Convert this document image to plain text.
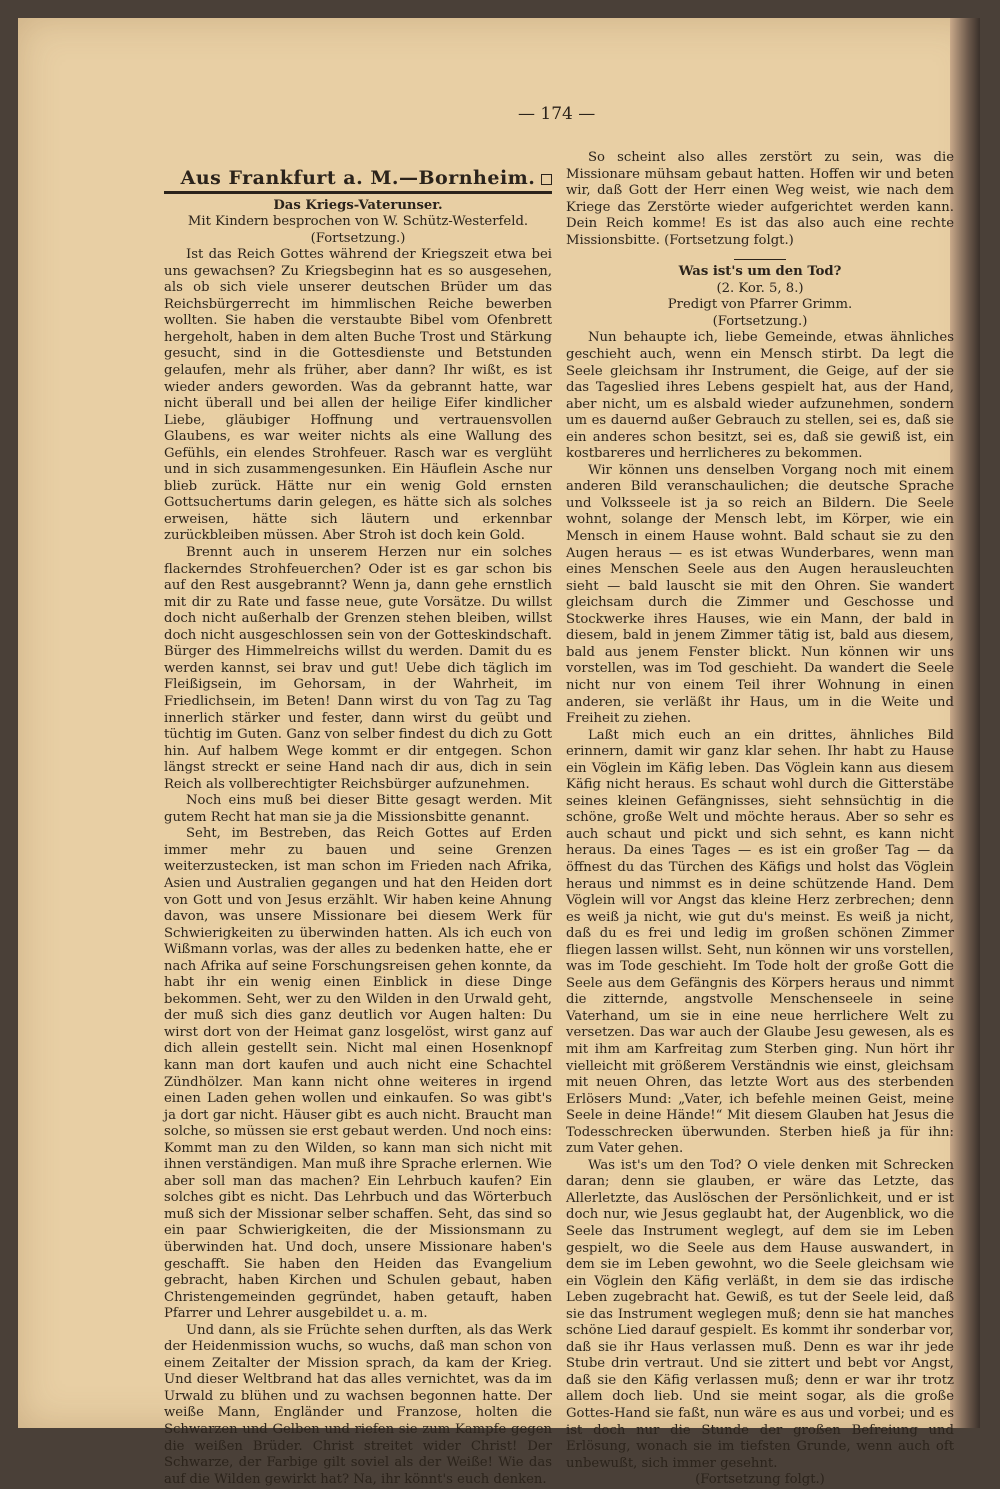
— 174 —

Aus Frankfurt a. M.—Bornheim.

Das Kriegs-Vaterunser.

Mit Kindern besprochen von W. Schütz-Westerfeld.

(Fortsetzung.)

Ist das Reich Gottes während der Kriegszeit etwa bei uns gewachsen? Zu Kriegsbeginn hat es so ausgesehen, als ob sich viele unserer deutschen Brüder um das Reichsbürgerrecht im himmlischen Reiche bewerben wollten. Sie haben die verstaubte Bibel vom Ofenbrett hergeholt, haben in dem alten Buche Trost und Stärkung gesucht, sind in die Gottesdienste und Betstunden gelaufen, mehr als früher, aber dann? Ihr wißt, es ist wieder anders geworden. Was da gebrannt hatte, war nicht überall und bei allen der heilige Eifer kindlicher Liebe, gläubiger Hoffnung und vertrauensvollen Glaubens, es war weiter nichts als eine Wallung des Gefühls, ein elendes Strohfeuer. Rasch war es verglüht und in sich zusammengesunken. Ein Häuflein Asche nur blieb zurück. Hätte nur ein wenig Gold ernsten Gottsuchertums darin gelegen, es hätte sich als solches erweisen, hätte sich läutern und erkennbar zurückbleiben müssen. Aber Stroh ist doch kein Gold.

Brennt auch in unserem Herzen nur ein solches flackerndes Strohfeuerchen? Oder ist es gar schon bis auf den Rest ausgebrannt? Wenn ja, dann gehe ernstlich mit dir zu Rate und fasse neue, gute Vorsätze. Du willst doch nicht außerhalb der Grenzen stehen bleiben, willst doch nicht ausgeschlossen sein von der Gotteskindschaft. Bürger des Himmelreichs willst du werden. Damit du es werden kannst, sei brav und gut! Uebe dich täglich im Fleißigsein, im Gehorsam, in der Wahrheit, im Friedlichsein, im Beten! Dann wirst du von Tag zu Tag innerlich stärker und fester, dann wirst du geübt und tüchtig im Guten. Ganz von selber findest du dich zu Gott hin. Auf halbem Wege kommt er dir entgegen. Schon längst streckt er seine Hand nach dir aus, dich in sein Reich als vollberechtigter Reichsbürger aufzunehmen.

Noch eins muß bei dieser Bitte gesagt werden. Mit gutem Recht hat man sie ja die Missionsbitte genannt.

Seht, im Bestreben, das Reich Gottes auf Erden immer mehr zu bauen und seine Grenzen weiterzustecken, ist man schon im Frieden nach Afrika, Asien und Australien gegangen und hat den Heiden dort von Gott und von Jesus erzählt. Wir haben keine Ahnung davon, was unsere Missionare bei diesem Werk für Schwierigkeiten zu überwinden hatten. Als ich euch von Wißmann vorlas, was der alles zu bedenken hatte, ehe er nach Afrika auf seine Forschungsreisen gehen konnte, da habt ihr ein wenig einen Einblick in diese Dinge bekommen. Seht, wer zu den Wilden in den Urwald geht, der muß sich dies ganz deutlich vor Augen halten: Du wirst dort von der Heimat ganz losgelöst, wirst ganz auf dich allein gestellt sein. Nicht mal einen Hosenknopf kann man dort kaufen und auch nicht eine Schachtel Zündhölzer. Man kann nicht ohne weiteres in irgend einen Laden gehen wollen und einkaufen. So was gibt's ja dort gar nicht. Häuser gibt es auch nicht. Braucht man solche, so müssen sie erst gebaut werden. Und noch eins: Kommt man zu den Wilden, so kann man sich nicht mit ihnen verständigen. Man muß ihre Sprache erlernen. Wie aber soll man das machen? Ein Lehrbuch kaufen? Ein solches gibt es nicht. Das Lehrbuch und das Wörterbuch muß sich der Missionar selber schaffen. Seht, das sind so ein paar Schwierigkeiten, die der Missionsmann zu überwinden hat. Und doch, unsere Missionare haben's geschafft. Sie haben den Heiden das Evangelium gebracht, haben Kirchen und Schulen gebaut, haben Christengemeinden gegründet, haben getauft, haben Pfarrer und Lehrer ausgebildet u. a. m.

Und dann, als sie Früchte sehen durften, als das Werk der Heidenmission wuchs, so wuchs, daß man schon von einem Zeitalter der Mission sprach, da kam der Krieg. Und dieser Weltbrand hat das alles vernichtet, was da im Urwald zu blühen und zu wachsen begonnen hatte. Der weiße Mann, Engländer und Franzose, holten die Schwarzen und Gelben und riefen sie zum Kampfe gegen die weißen Brüder. Christ streitet wider Christ! Der Schwarze, der Farbige gilt soviel als der Weiße! Wie das auf die Wilden gewirkt hat? Na, ihr könnt's euch denken.

So scheint also alles zerstört zu sein, was die Missionare mühsam gebaut hatten. Hoffen wir und beten wir, daß Gott der Herr einen Weg weist, wie nach dem Kriege das Zerstörte wieder aufgerichtet werden kann. Dein Reich komme! Es ist das also auch eine rechte Missionsbitte. (Fortsetzung folgt.)

Was ist's um den Tod?

(2. Kor. 5, 8.)

Predigt von Pfarrer Grimm.

(Fortsetzung.)

Nun behaupte ich, liebe Gemeinde, etwas ähnliches geschieht auch, wenn ein Mensch stirbt. Da legt die Seele gleichsam ihr Instrument, die Geige, auf der sie das Tageslied ihres Lebens gespielt hat, aus der Hand, aber nicht, um es alsbald wieder aufzunehmen, sondern um es dauernd außer Gebrauch zu stellen, sei es, daß sie ein anderes schon besitzt, sei es, daß sie gewiß ist, ein kostbareres und herrlicheres zu bekommen.

Wir können uns denselben Vorgang noch mit einem anderen Bild veranschaulichen; die deutsche Sprache und Volksseele ist ja so reich an Bildern. Die Seele wohnt, solange der Mensch lebt, im Körper, wie ein Mensch in einem Hause wohnt. Bald schaut sie zu den Augen heraus — es ist etwas Wunderbares, wenn man eines Menschen Seele aus den Augen herausleuchten sieht — bald lauscht sie mit den Ohren. Sie wandert gleichsam durch die Zimmer und Geschosse und Stockwerke ihres Hauses, wie ein Mann, der bald in diesem, bald in jenem Zimmer tätig ist, bald aus diesem, bald aus jenem Fenster blickt. Nun können wir uns vorstellen, was im Tod geschieht. Da wandert die Seele nicht nur von einem Teil ihrer Wohnung in einen anderen, sie verläßt ihr Haus, um in die Weite und Freiheit zu ziehen.

Laßt mich euch an ein drittes, ähnliches Bild erinnern, damit wir ganz klar sehen. Ihr habt zu Hause ein Vöglein im Käfig leben. Das Vöglein kann aus diesem Käfig nicht heraus. Es schaut wohl durch die Gitterstäbe seines kleinen Gefängnisses, sieht sehnsüchtig in die schöne, große Welt und möchte heraus. Aber so sehr es auch schaut und pickt und sich sehnt, es kann nicht heraus. Da eines Tages — es ist ein großer Tag — da öffnest du das Türchen des Käfigs und holst das Vöglein heraus und nimmst es in deine schützende Hand. Dem Vöglein will vor Angst das kleine Herz zerbrechen; denn es weiß ja nicht, wie gut du's meinst. Es weiß ja nicht, daß du es frei und ledig im großen schönen Zimmer fliegen lassen willst. Seht, nun können wir uns vorstellen, was im Tode geschieht. Im Tode holt der große Gott die Seele aus dem Gefängnis des Körpers heraus und nimmt die zitternde, angstvolle Menschenseele in seine Vaterhand, um sie in eine neue herrlichere Welt zu versetzen. Das war auch der Glaube Jesu gewesen, als es mit ihm am Karfreitag zum Sterben ging. Nun hört ihr vielleicht mit größerem Verständnis wie einst, gleichsam mit neuen Ohren, das letzte Wort aus des sterbenden Erlösers Mund: „Vater, ich befehle meinen Geist, meine Seele in deine Hände!“ Mit diesem Glauben hat Jesus die Todesschrecken überwunden. Sterben hieß ja für ihn: zum Vater gehen.

Was ist's um den Tod? O viele denken mit Schrecken daran; denn sie glauben, er wäre das Letzte, das Allerletzte, das Auslöschen der Persönlichkeit, und er ist doch nur, wie Jesus geglaubt hat, der Augenblick, wo die Seele das Instrument weglegt, auf dem sie im Leben gespielt, wo die Seele aus dem Hause auswandert, in dem sie im Leben gewohnt, wo die Seele gleichsam wie ein Vöglein den Käfig verläßt, in dem sie das irdische Leben zugebracht hat. Gewiß, es tut der Seele leid, daß sie das Instrument weglegen muß; denn sie hat manches schöne Lied darauf gespielt. Es kommt ihr sonderbar vor, daß sie ihr Haus verlassen muß. Denn es war ihr jede Stube drin vertraut. Und sie zittert und bebt vor Angst, daß sie den Käfig verlassen muß; denn er war ihr trotz allem doch lieb. Und sie meint sogar, als die große Gottes-Hand sie faßt, nun wäre es aus und vorbei; und es ist doch nur die Stunde der großen Befreiung und Erlösung, wonach sie im tiefsten Grunde, wenn auch oft unbewußt, sich immer gesehnt.

(Fortsetzung folgt.)
